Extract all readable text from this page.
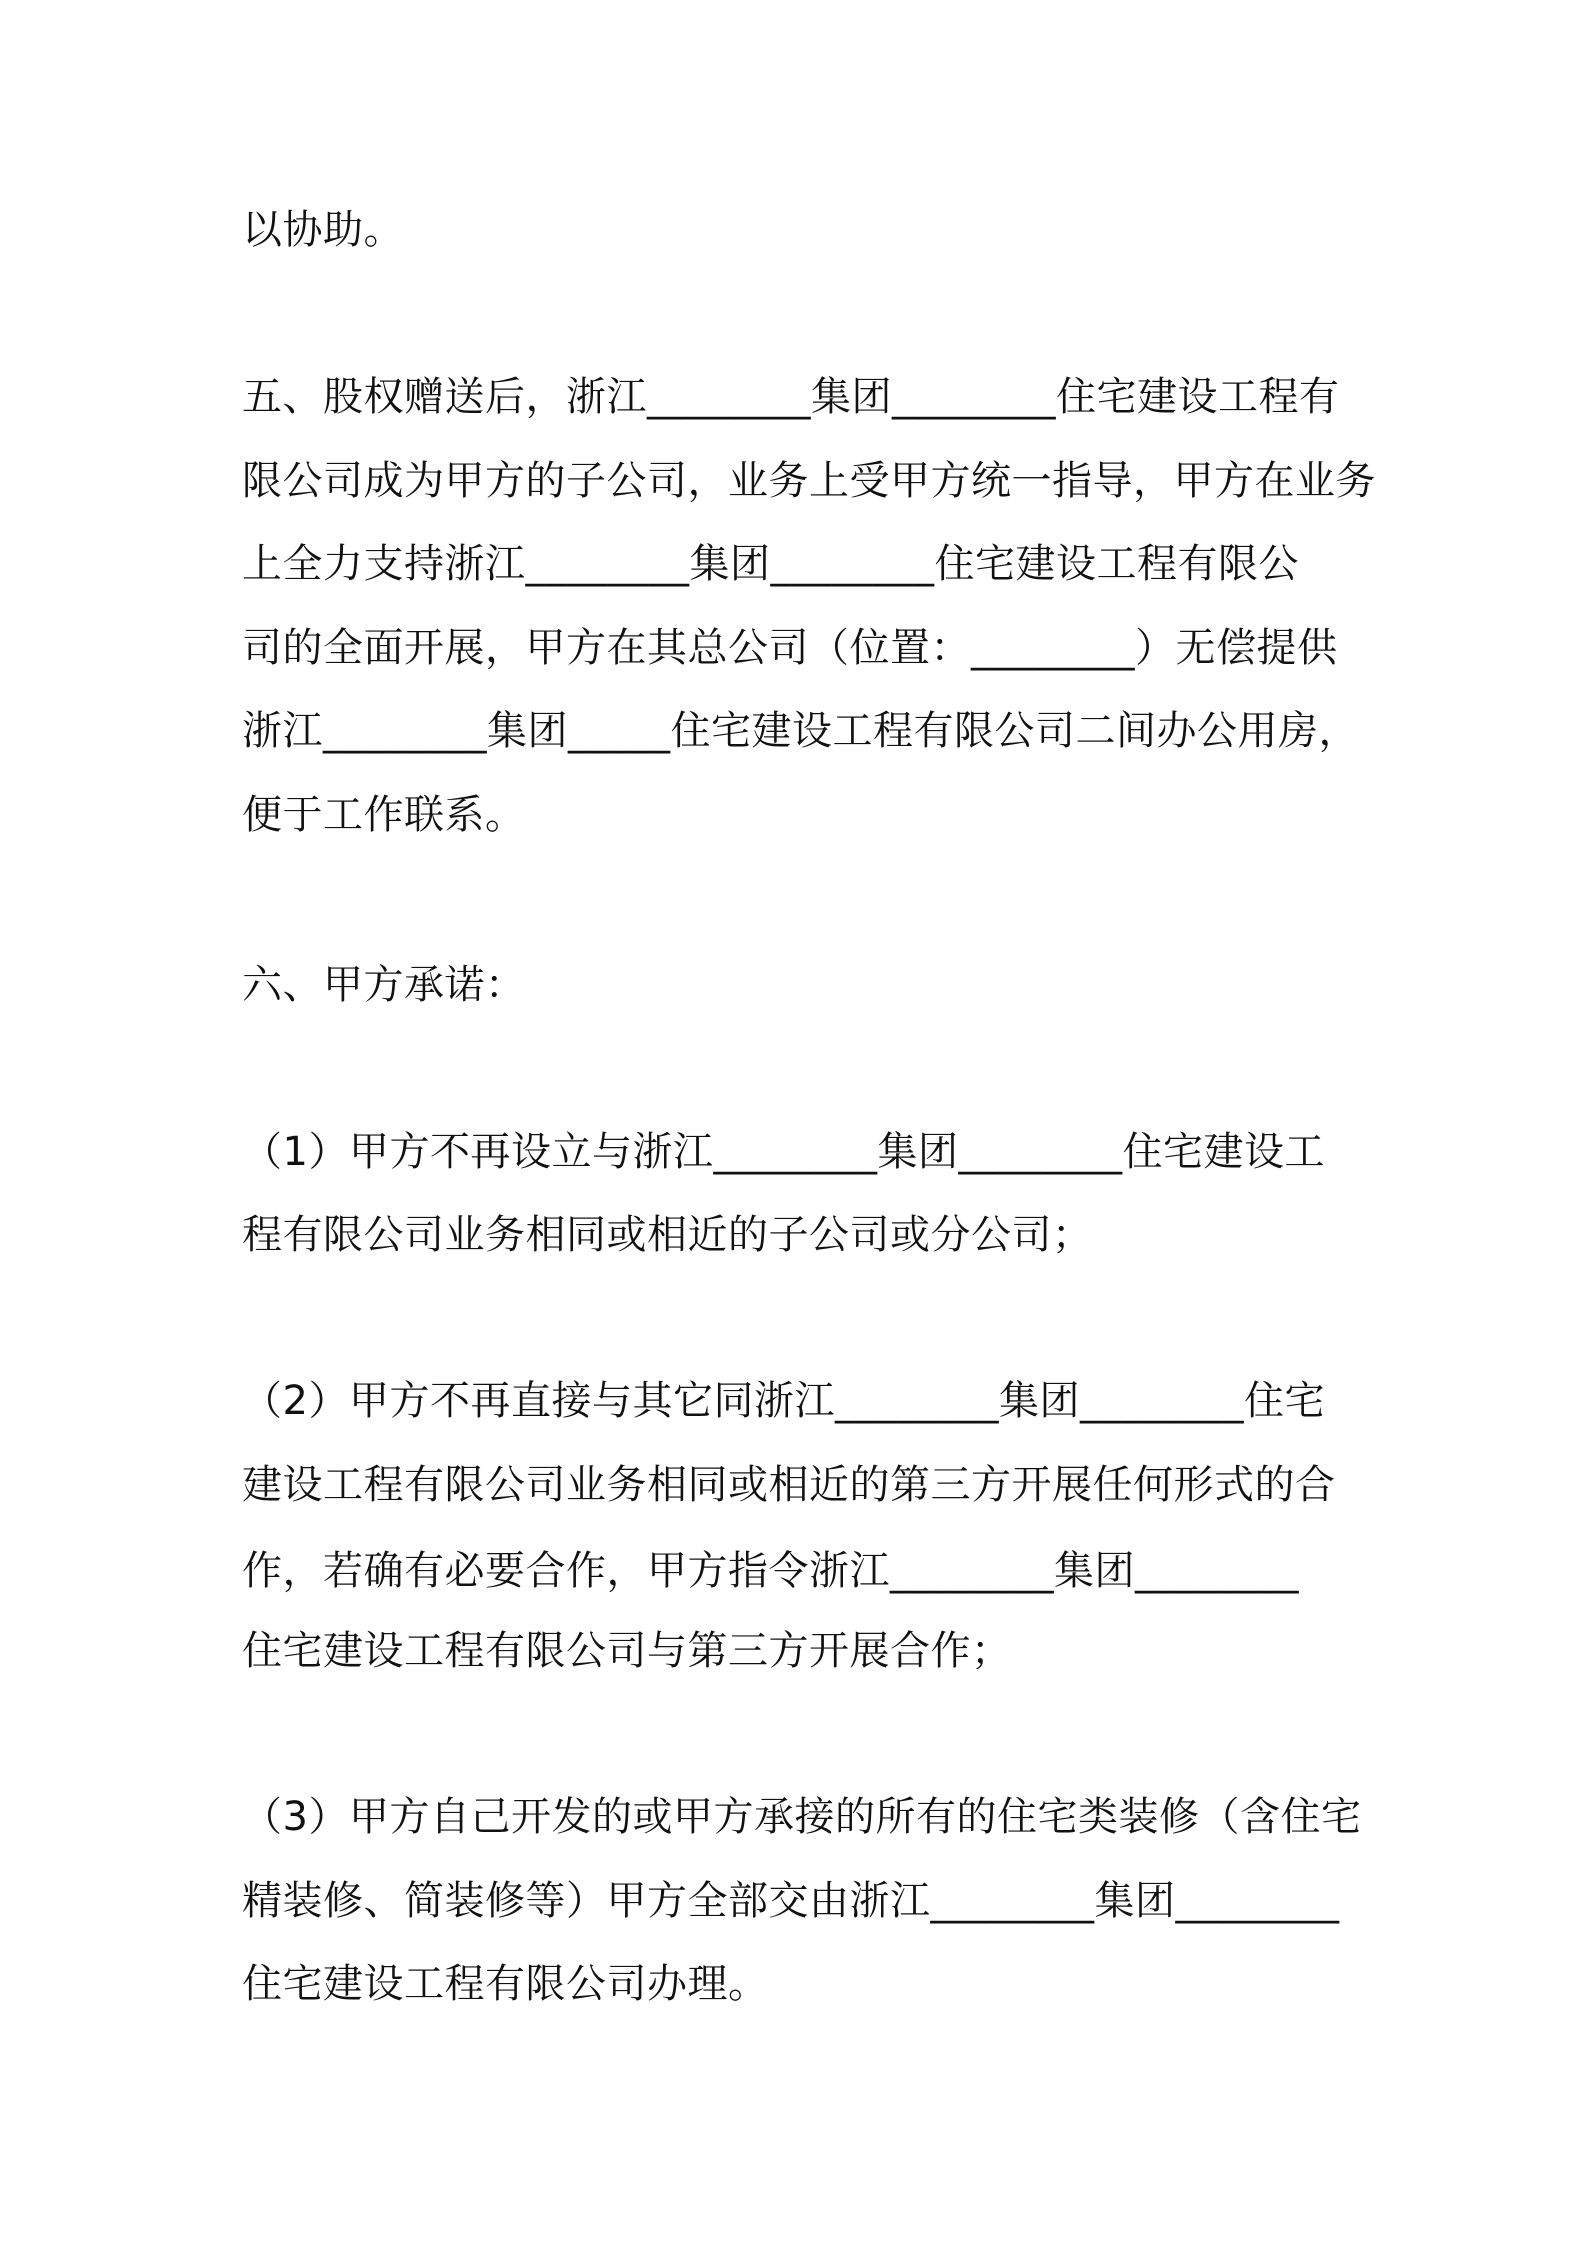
以协助。
五、股权赠送后，浙江________集团________住宅建设工程有
限公司成为甲方的子公司，业务上受甲方统一指导，甲方在业务
上全力支持浙江________集团________住宅建设工程有限公
司的全面开展，甲方在其总公司（位置：________）无偿提供
浙江________集团_____住宅建设工程有限公司二间办公用房，
便于工作联系。
六、甲方承诺：
（1）甲方不再设立与浙江________集团________住宅建设工
程有限公司业务相同或相近的子公司或分公司；
（2）甲方不再直接与其它同浙江________集团________住宅
建设工程有限公司业务相同或相近的第三方开展任何形式的合
作，若确有必要合作，甲方指令浙江________集团________
住宅建设工程有限公司与第三方开展合作；
（3）甲方自己开发的或甲方承接的所有的住宅类装修（含住宅
精装修、简装修等）甲方全部交由浙江________集团________
住宅建设工程有限公司办理。
